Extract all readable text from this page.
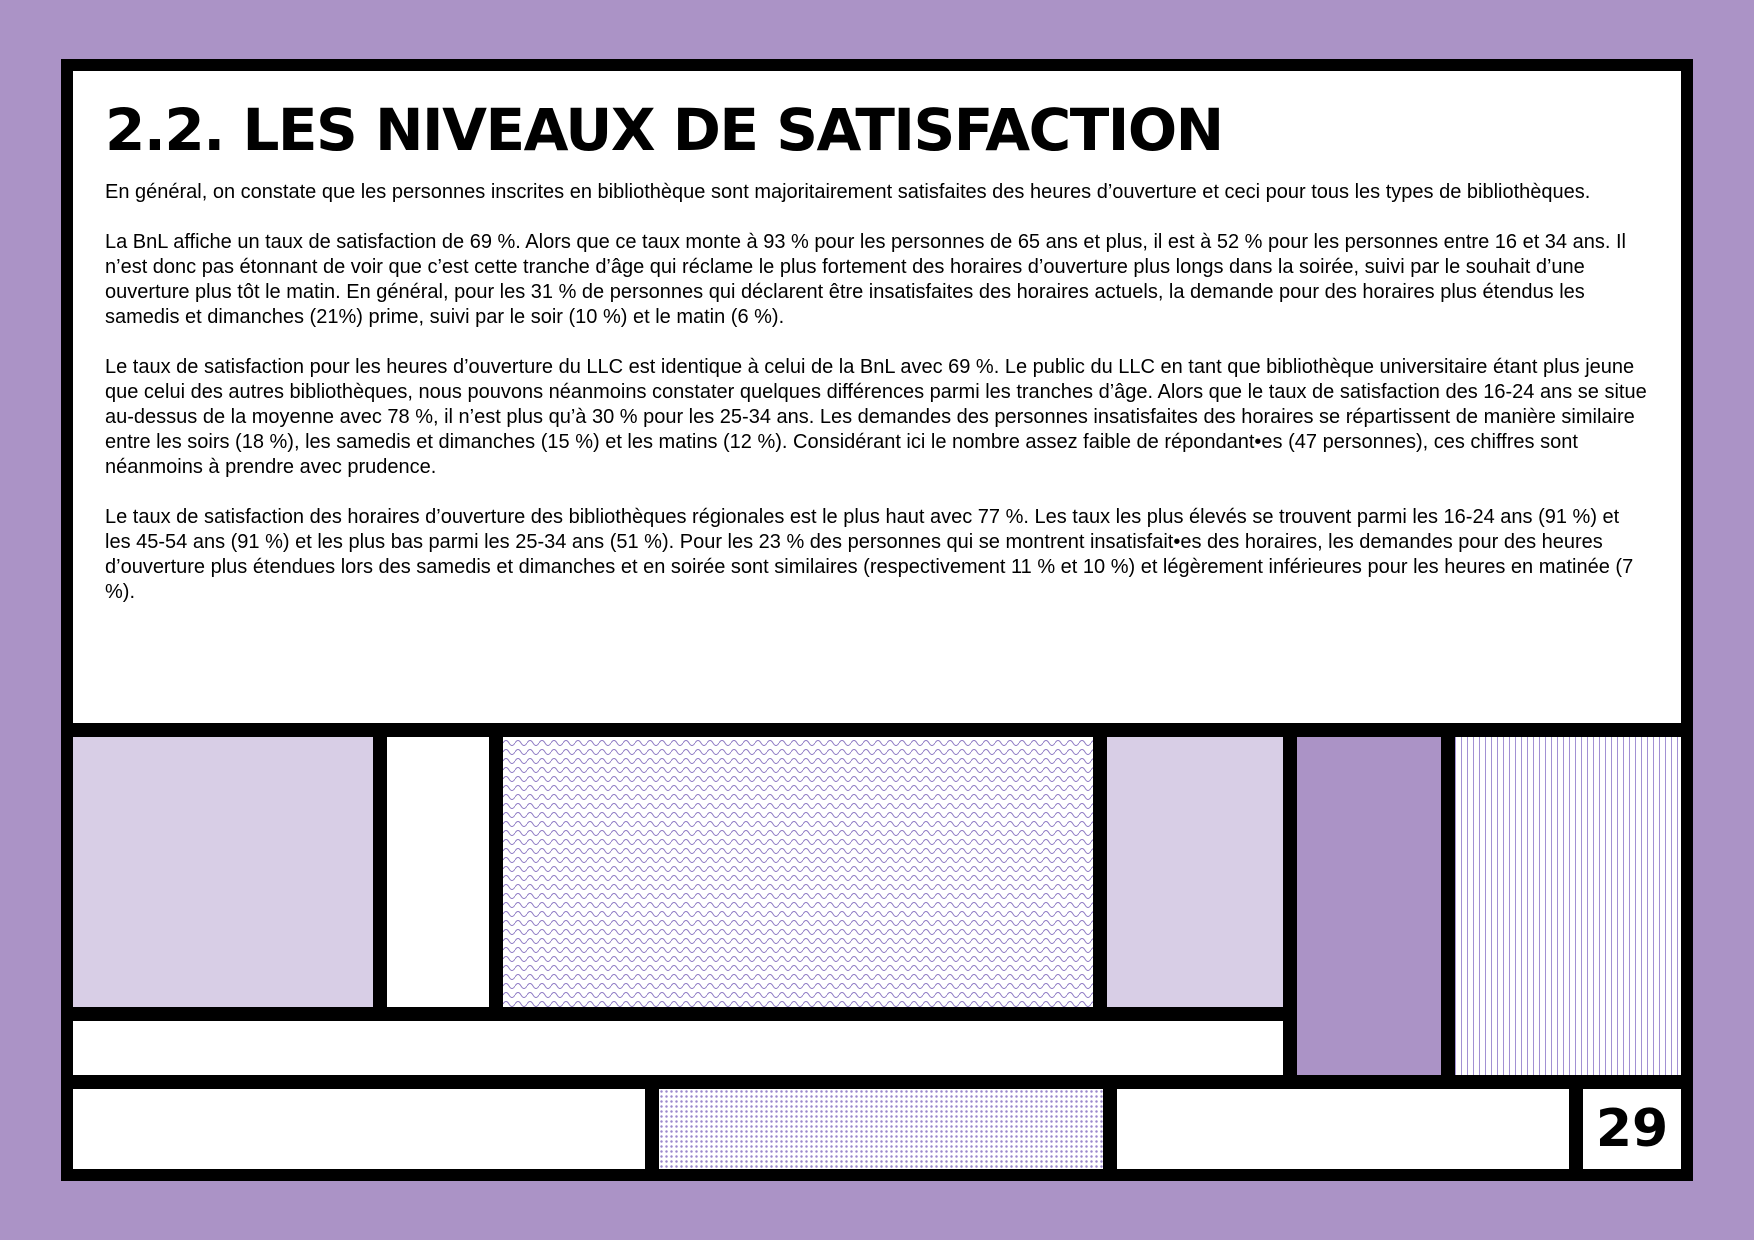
2.2. LES NIVEAUX DE SATISFACTION

En général, on constate que les personnes inscrites en bibliothèque sont majoritairement satisfaites des heures d’ouverture et ceci pour tous les types de bibliothèques.

La BnL affiche un taux de satisfaction de 69 %. Alors que ce taux monte à 93 % pour les personnes de 65 ans et plus, il est à 52 % pour les personnes entre 16 et 34 ans. Il n’est donc pas étonnant de voir que c’est cette tranche d’âge qui réclame le plus fortement des horaires d’ouverture plus longs dans la soirée, suivi par le souhait d’une ouverture plus tôt le matin. En général, pour les 31 % de personnes qui déclarent être insatisfaites des horaires actuels, la demande pour des horaires plus étendus les samedis et dimanches (21%) prime, suivi par le soir (10 %) et le matin (6 %).

Le taux de satisfaction pour les heures d’ouverture du LLC est identique à celui de la BnL avec 69 %. Le public du LLC en tant que bibliothèque universitaire étant plus jeune que celui des autres bibliothèques, nous pouvons néanmoins constater quelques différences parmi les tranches d’âge. Alors que le taux de satisfaction des 16-24 ans se situe au-dessus de la moyenne avec 78 %, il n’est plus qu’à 30 % pour les 25-34 ans. Les demandes des personnes insatisfaites des horaires se répartissent de manière similaire entre les soirs (18 %), les samedis et dimanches (15 %) et les matins (12 %). Considérant ici le nombre assez faible de répondant•es (47 personnes), ces chiffres sont néanmoins à prendre avec prudence.

Le taux de satisfaction des horaires d’ouverture des bibliothèques régionales est le plus haut avec 77 %. Les taux les plus élevés se trouvent parmi les 16-24 ans (91 %) et les 45-54 ans (91 %) et les plus bas parmi les 25-34 ans (51 %). Pour les 23 % des personnes qui se montrent insatisfait•es des horaires, les demandes pour des heures d’ouverture plus étendues lors des samedis et dimanches et en soirée sont similaires (respectivement 11 % et 10 %) et légèrement inférieures pour les heures en matinée (7 %).

29
